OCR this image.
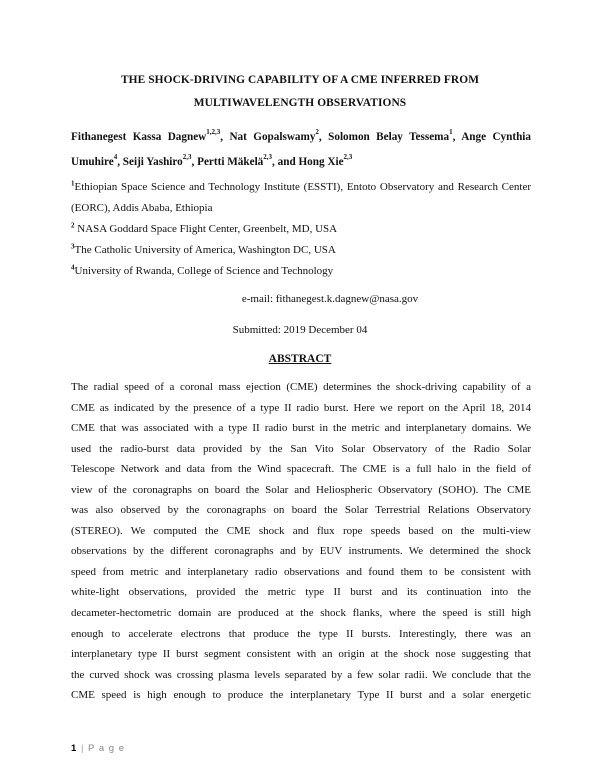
THE SHOCK-DRIVING CAPABILITY OF A CME INFERRED FROM
MULTIWAVELENGTH OBSERVATIONS
Fithanegest Kassa Dagnew$^{1,2,3}$, Nat Gopalswamy$^2$, Solomon Belay Tessema$^1$, Ange Cynthia Umuhire$^4$, Seiji Yashiro$^{2,3}$, Pertti Mäkelä$^{2,3}$, and Hong Xie$^{2,3}$
$^1$Ethiopian Space Science and Technology Institute (ESSTI), Entoto Observatory and Research Center (EORC), Addis Ababa, Ethiopia
$^2$ NASA Goddard Space Flight Center, Greenbelt, MD, USA
$^3$The Catholic University of America, Washington DC, USA
$^4$University of Rwanda, College of Science and Technology
e-mail: fithanegest.k.dagnew@nasa.gov
Submitted: 2019 December 04
ABSTRACT
The radial speed of a coronal mass ejection (CME) determines the shock-driving capability of a
CME as indicated by the presence of a type II radio burst. Here we report on the April 18, 2014
CME that was associated with a type II radio burst in the metric and interplanetary domains. We
used the radio-burst data provided by the San Vito Solar Observatory of the Radio Solar
Telescope Network and data from the Wind spacecraft. The CME is a full halo in the field of
view of the coronagraphs on board the Solar and Heliospheric Observatory (SOHO). The CME
was also observed by the coronagraphs on board the Solar Terrestrial Relations Observatory
(STEREO). We computed the CME shock and flux rope speeds based on the multi-view
observations by the different coronagraphs and by EUV instruments. We determined the shock
speed from metric and interplanetary radio observations and found them to be consistent with
white-light observations, provided the metric type II burst and its continuation into the
decameter-hectometric domain are produced at the shock flanks, where the speed is still high
enough to accelerate electrons that produce the type II bursts. Interestingly, there was an
interplanetary type II burst segment consistent with an origin at the shock nose suggesting that
the curved shock was crossing plasma levels separated by a few solar radii. We conclude that the
CME speed is high enough to produce the interplanetary Type II burst and a solar energetic
1 | P a g e
